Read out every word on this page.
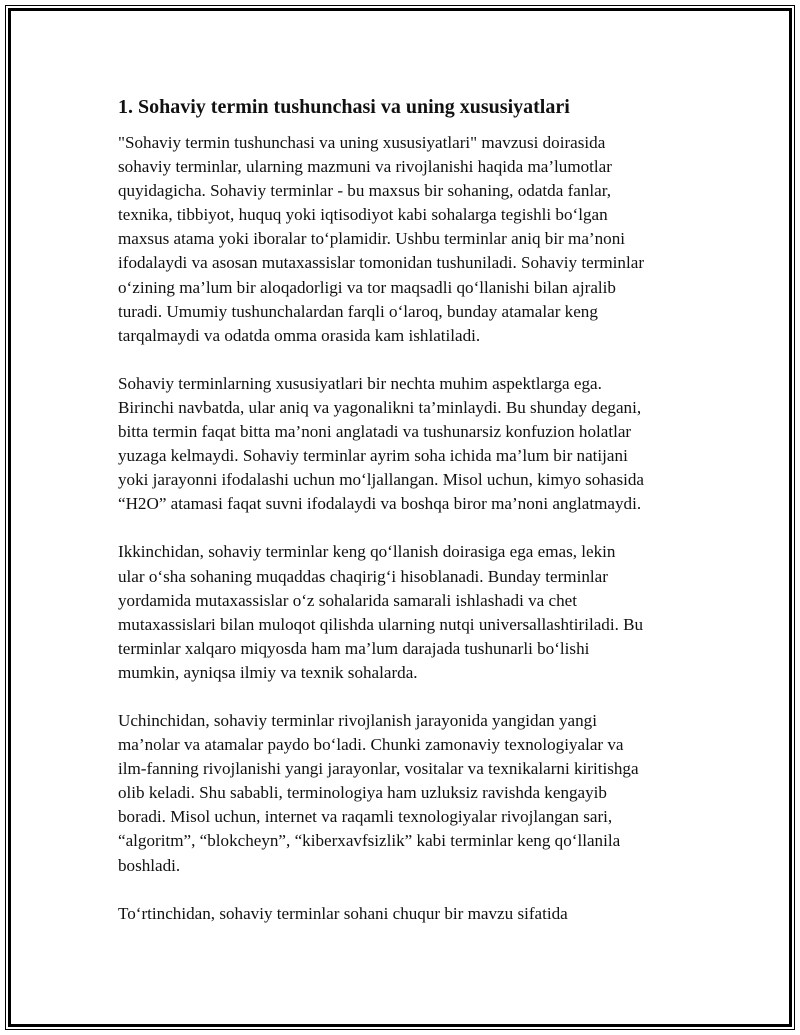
1. Sohaviy termin tushunchasi va uning xususiyatlari

"Sohaviy termin tushunchasi va uning xususiyatlari" mavzusi doirasida
sohaviy terminlar, ularning mazmuni va rivojlanishi haqida ma’lumotlar
quyidagicha. Sohaviy terminlar - bu maxsus bir sohaning, odatda fanlar,
texnika, tibbiyot, huquq yoki iqtisodiyot kabi sohalarga tegishli bo‘lgan
maxsus atama yoki iboralar to‘plamidir. Ushbu terminlar aniq bir ma’noni
ifodalaydi va asosan mutaxassislar tomonidan tushuniladi. Sohaviy terminlar
o‘zining ma’lum bir aloqadorligi va tor maqsadli qo‘llanishi bilan ajralib
turadi. Umumiy tushunchalardan farqli o‘laroq, bunday atamalar keng
tarqalmaydi va odatda omma orasida kam ishlatiladi.

Sohaviy terminlarning xususiyatlari bir nechta muhim aspektlarga ega.
Birinchi navbatda, ular aniq va yagonalikni ta’minlaydi. Bu shunday degani,
bitta termin faqat bitta ma’noni anglatadi va tushunarsiz konfuzion holatlar
yuzaga kelmaydi. Sohaviy terminlar ayrim soha ichida ma’lum bir natijani
yoki jarayonni ifodalashi uchun mo‘ljallangan. Misol uchun, kimyo sohasida
“H2O” atamasi faqat suvni ifodalaydi va boshqa biror ma’noni anglatmaydi.

Ikkinchidan, sohaviy terminlar keng qo‘llanish doirasiga ega emas, lekin
ular o‘sha sohaning muqaddas chaqirig‘i hisoblanadi. Bunday terminlar
yordamida mutaxassislar o‘z sohalarida samarali ishlashadi va chet
mutaxassislari bilan muloqot qilishda ularning nutqi universallashtiriladi. Bu
terminlar xalqaro miqyosda ham ma’lum darajada tushunarli bo‘lishi
mumkin, ayniqsa ilmiy va texnik sohalarda.

Uchinchidan, sohaviy terminlar rivojlanish jarayonida yangidan yangi
ma’nolar va atamalar paydo bo‘ladi. Chunki zamonaviy texnologiyalar va
ilm-fanning rivojlanishi yangi jarayonlar, vositalar va texnikalarni kiritishga
olib keladi. Shu sababli, terminologiya ham uzluksiz ravishda kengayib
boradi. Misol uchun, internet va raqamli texnologiyalar rivojlangan sari,
“algoritm”, “blokcheyn”, “kiberxavfsizlik” kabi terminlar keng qo‘llanila
boshladi.

To‘rtinchidan, sohaviy terminlar sohani chuqur bir mavzu sifatida
